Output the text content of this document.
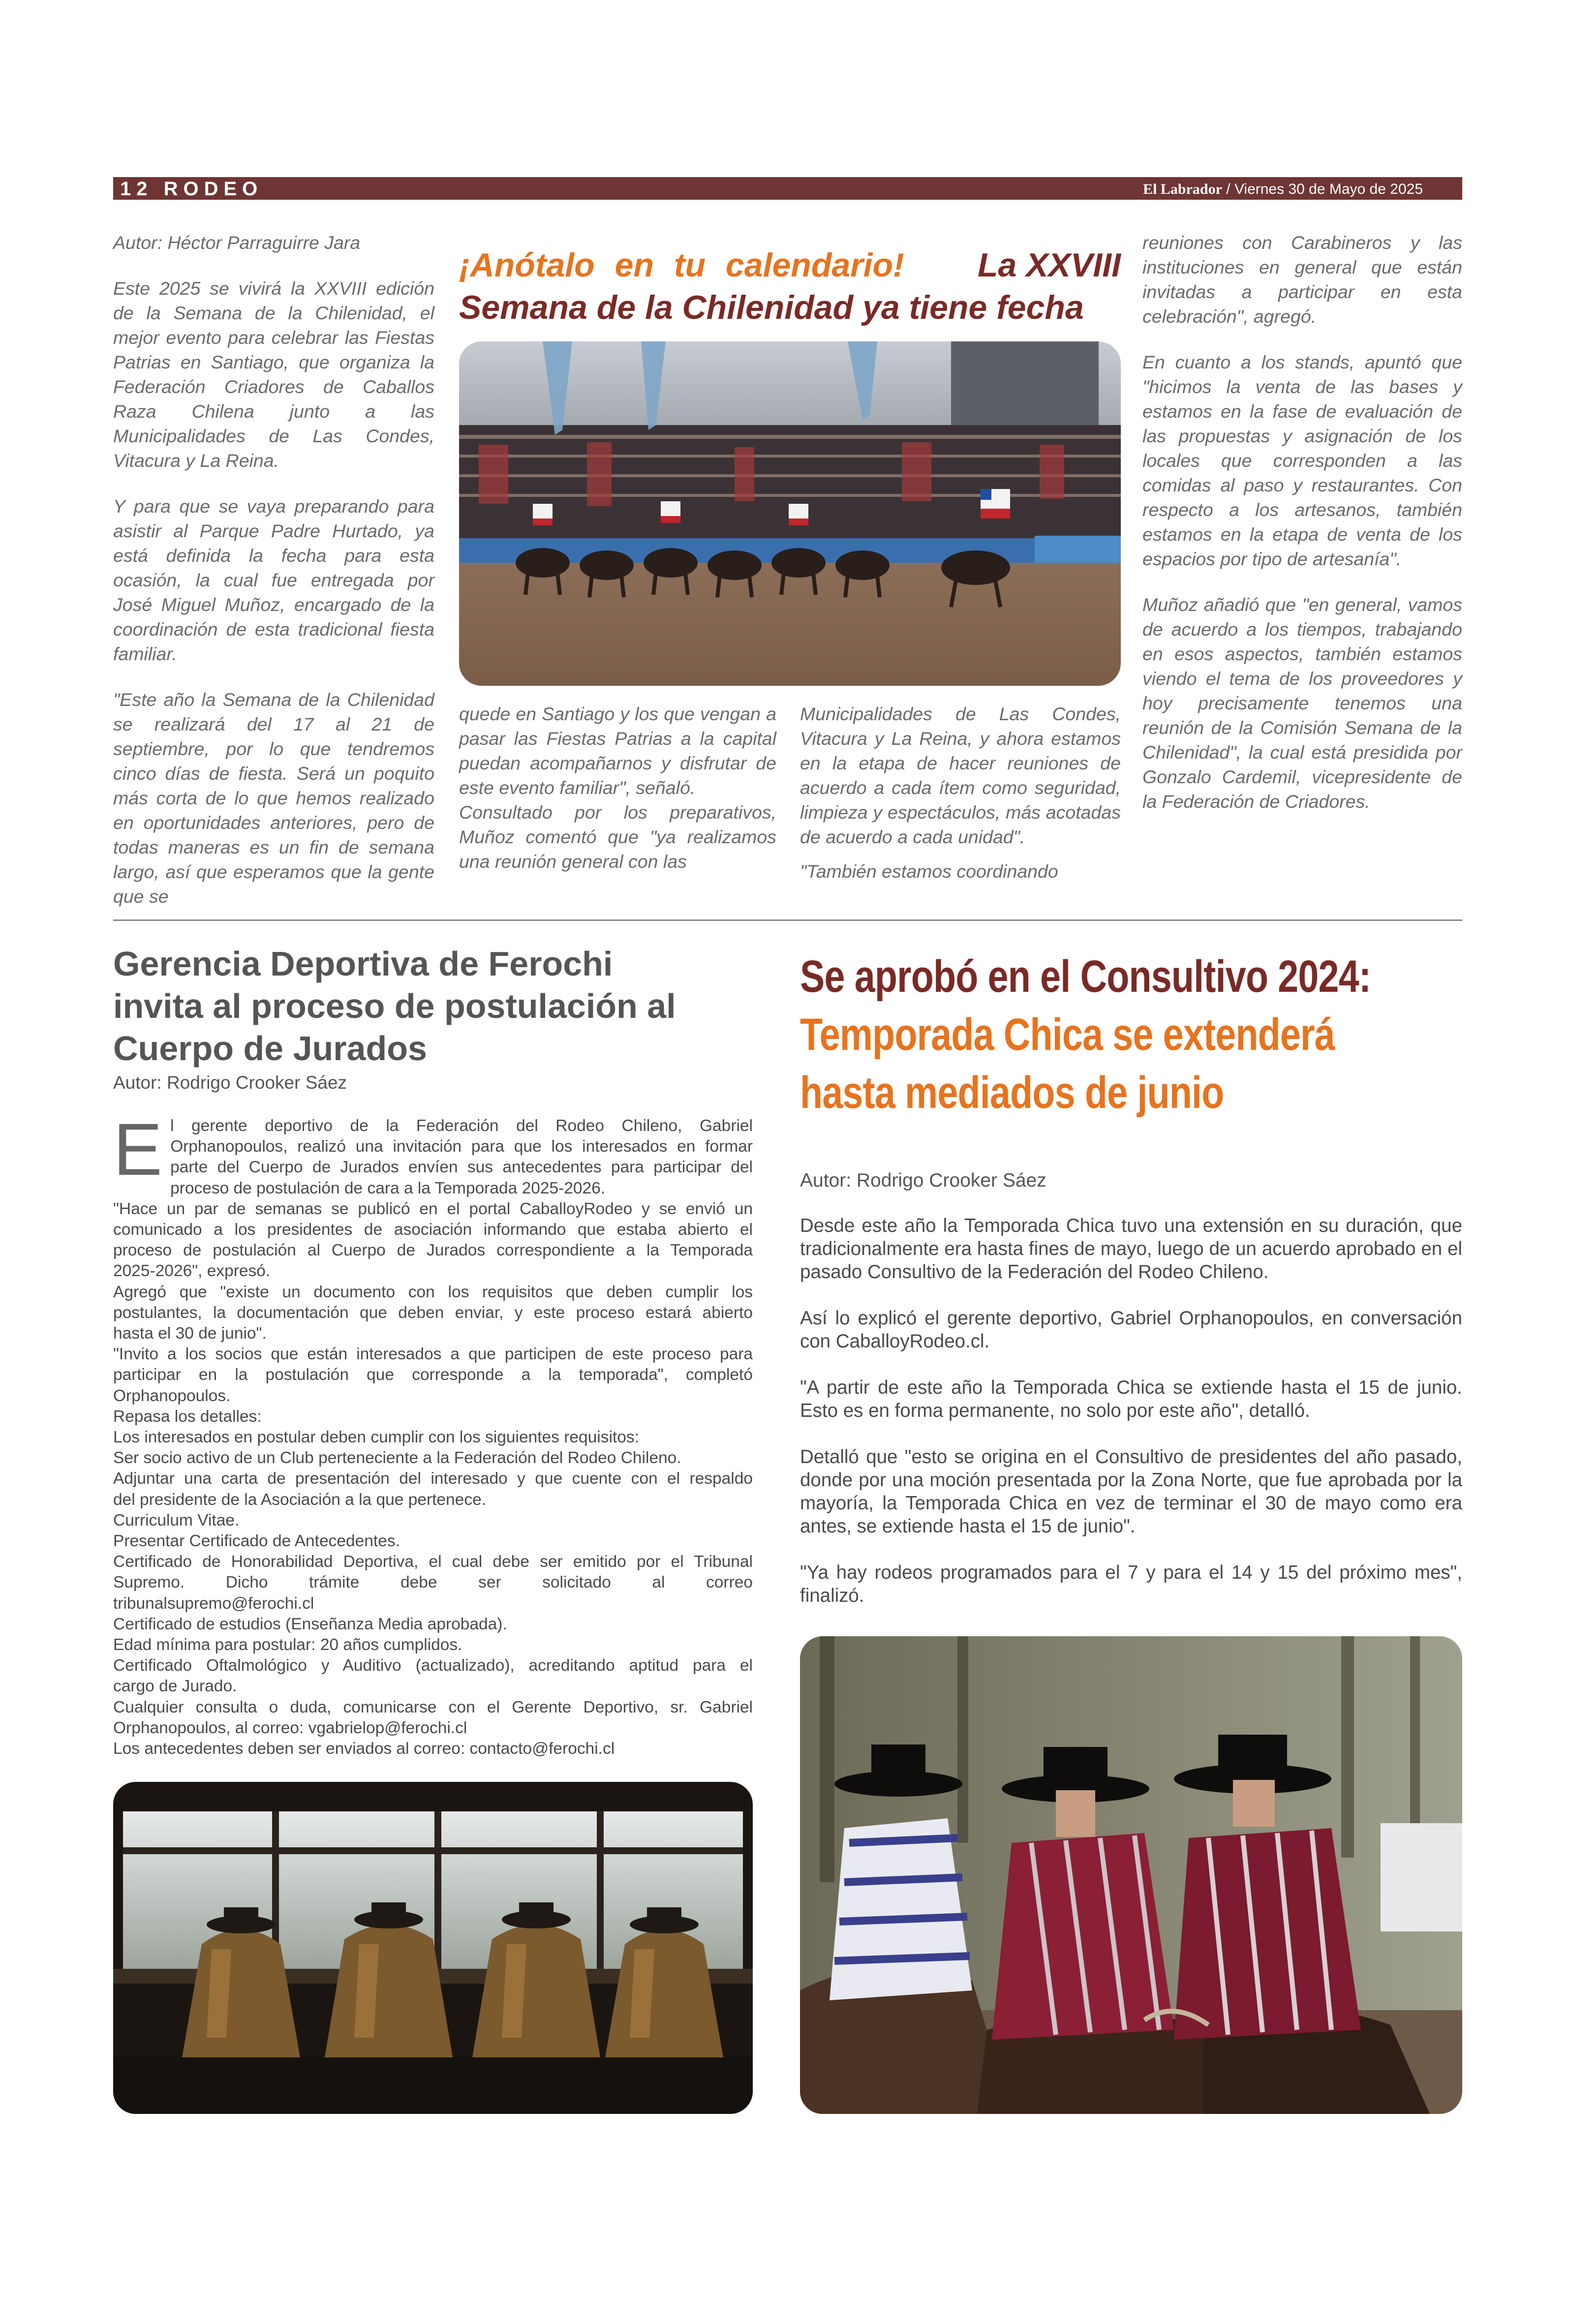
12 RODEO	El Labrador / Viernes 30 de Mayo de 2025

Autor: Héctor Parraguirre Jara

Este 2025 se vivirá la XXVIII edición de la Semana de la Chilenidad, el mejor evento para celebrar las Fiestas Patrias en Santiago, que organiza la Federación Criadores de Caballos Raza Chilena junto a las Municipalidades de Las Condes, Vitacura y La Reina.

Y para que se vaya preparando para asistir al Parque Padre Hurtado, ya está definida la fecha para esta ocasión, la cual fue entregada por José Miguel Muñoz, encargado de la coordinación de esta tradicional fiesta familiar.

"Este año la Semana de la Chilenidad se realizará del 17 al 21 de septiembre, por lo que tendremos cinco días de fiesta. Será un poquito más corta de lo que hemos realizado en oportunidades anteriores, pero de todas maneras es un fin de semana largo, así que esperamos que la gente que se

¡Anótalo en tu calendario! La XXVIII
Semana de la Chilenidad ya tiene fecha

quede en Santiago y los que vengan a pasar las Fiestas Patrias a la capital puedan acompañarnos y disfrutar de este evento familiar", señaló.

Consultado por los preparativos, Muñoz comentó que "ya realizamos una reunión general con las

Municipalidades de Las Condes, Vitacura y La Reina, y ahora estamos en la etapa de hacer reuniones de acuerdo a cada ítem como seguridad, limpieza y espectáculos, más acotadas de acuerdo a cada unidad".

"También estamos coordinando

reuniones con Carabineros y las instituciones en general que están invitadas a participar en esta celebración", agregó.

En cuanto a los stands, apuntó que "hicimos la venta de las bases y estamos en la fase de evaluación de las propuestas y asignación de los locales que corresponden a las comidas al paso y restaurantes. Con respecto a los artesanos, también estamos en la etapa de venta de los espacios por tipo de artesanía".

Muñoz añadió que "en general, vamos de acuerdo a los tiempos, trabajando en esos aspectos, también estamos viendo el tema de los proveedores y hoy precisamente tenemos una reunión de la Comisión Semana de la Chilenidad", la cual está presidida por Gonzalo Cardemil, vicepresidente de la Federación de Criadores.

Gerencia Deportiva de Ferochi
invita al proceso de postulación al
Cuerpo de Jurados
Autor: Rodrigo Crooker Sáez
E l gerente deportivo de la Federación del Rodeo Chileno, Gabriel
Orphanopoulos, realizó una invitación para que los interesados en formar
parte del Cuerpo de Jurados envíen sus antecedentes para participar del
proceso de postulación de cara a la Temporada 2025-2026.
"Hace un par de semanas se publicó en el portal CaballoyRodeo y se envió un
comunicado a los presidentes de asociación informando que estaba abierto el
proceso de postulación al Cuerpo de Jurados correspondiente a la Temporada
2025-2026", expresó.
Agregó que "existe un documento con los requisitos que deben cumplir los
postulantes, la documentación que deben enviar, y este proceso estará abierto
hasta el 30 de junio".
"Invito a los socios que están interesados a que participen de este proceso para
participar en la postulación que corresponde a la temporada", completó
Orphanopoulos.
Repasa los detalles:
Los interesados en postular deben cumplir con los siguientes requisitos:
Ser socio activo de un Club perteneciente a la Federación del Rodeo Chileno.
Adjuntar una carta de presentación del interesado y que cuente con el respaldo
del presidente de la Asociación a la que pertenece.
Curriculum Vitae.
Presentar Certificado de Antecedentes.
Certificado de Honorabilidad Deportiva, el cual debe ser emitido por el Tribunal
Supremo. Dicho trámite debe ser solicitado al correo
tribunalsupremo@ferochi.cl
Certificado de estudios (Enseñanza Media aprobada).
Edad mínima para postular: 20 años cumplidos.
Certificado Oftalmológico y Auditivo (actualizado), acreditando aptitud para el
cargo de Jurado.
Cualquier consulta o duda, comunicarse con el Gerente Deportivo, sr. Gabriel
Orphanopoulos, al correo: vgabrielop@ferochi.cl
Los antecedentes deben ser enviados al correo: contacto@ferochi.cl
Se aprobó en el Consultivo 2024:
Temporada Chica se extenderá
hasta mediados de junio
Autor: Rodrigo Crooker Sáez

Desde este año la Temporada Chica tuvo una extensión en su duración, que tradicionalmente era hasta fines de mayo, luego de un acuerdo aprobado en el pasado Consultivo de la Federación del Rodeo Chileno.

Así lo explicó el gerente deportivo, Gabriel Orphanopoulos, en conversación con CaballoyRodeo.cl.

"A partir de este año la Temporada Chica se extiende hasta el 15 de junio. Esto es en forma permanente, no solo por este año", detalló.

Detalló que "esto se origina en el Consultivo de presidentes del año pasado, donde por una moción presentada por la Zona Norte, que fue aprobada por la mayoría, la Temporada Chica en vez de terminar el 30 de mayo como era antes, se extiende hasta el 15 de junio".

"Ya hay rodeos programados para el 7 y para el 14 y 15 del próximo mes", finalizó.
